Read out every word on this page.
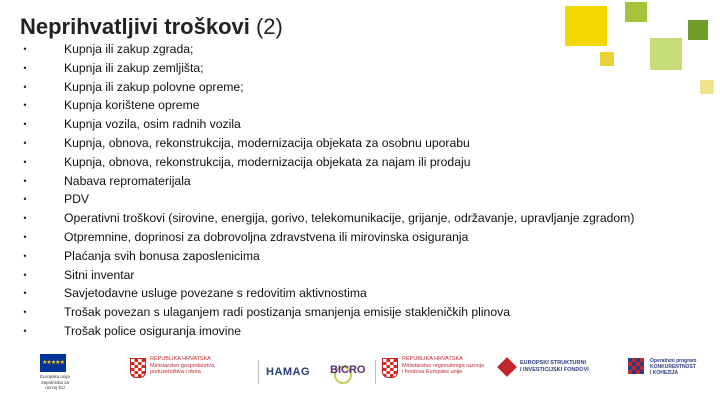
Neprihvatljivi troškovi (2)
•	Kupnja ili zakup zgrada;
•	Kupnja ili zakup zemljišta;
•	Kupnja ili zakup polovne opreme;
•	Kupnja korištene opreme
•	Kupnja vozila, osim radnih vozila
•	Kupnja, obnova, rekonstrukcija, modernizacija objekata za osobnu uporabu
•	Kupnja, obnova, rekonstrukcija, modernizacija objekata za najam ili prodaju
•	Nabava repromaterijala
•	PDV
•	Operativni troškovi (sirovine, energija, gorivo, telekomunikacije, grijanje, održavanje, upravljanje zgradom)
•	Otpremnine, doprinosi za dobrovoljna zdravstvena ili mirovinska osiguranja
•	Plaćanja svih bonusa zaposlenicima
•	Sitni inventar
•	Savjetodavne usluge povezane s redovitim aktivnostima
•	Trošak povezan s ulaganjem radi postizanja smanjenja emisije stakleničkih plinova
•	Trošak police osiguranja imovine
★★★★★
Europska unija Zajednicka za razvoj EU
REPUBLIKA HRVATSKA
Ministarstvo gospodarstva,
poduzetništva i obrta	HAMAG BICRO
REPUBLIKA HRVATSKA
Ministarstvo regionalnoga razvoja
i fondova Europske unije
EUROPSKI STRUKTURNI
I INVESTICIJSKI FONDOVI
Operativni program
KONKURENTNOST
I KOHEZIJA
